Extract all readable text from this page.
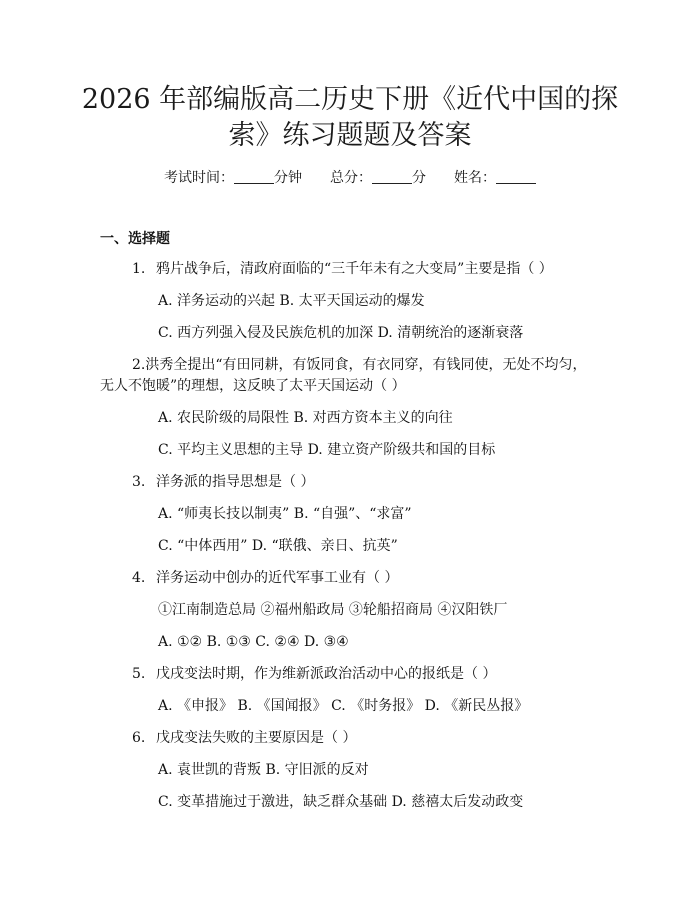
2026 年部编版高二历史下册《近代中国的探
索》练习题题及答案
考试时间：	分钟 总分：	分 姓名：
一、选择题
1. 鸦片战争后，清政府面临的“三千年未有之大变局”主要是指（ ）
A. 洋务运动的兴起 B. 太平天国运动的爆发
C. 西方列强入侵及民族危机的加深 D. 清朝统治的逐渐衰落
2.洪秀全提出“有田同耕，有饭同食，有衣同穿，有钱同使，无处不均匀，
无人不饱暖”的理想，这反映了太平天国运动（ ）
A. 农民阶级的局限性 B. 对西方资本主义的向往
C. 平均主义思想的主导 D. 建立资产阶级共和国的目标
3. 洋务派的指导思想是（ ）
A. “师夷长技以制夷” B. “自强”、“求富”
C. “中体西用” D. “联俄、亲日、抗英”
4. 洋务运动中创办的近代军事工业有（ ）
①江南制造总局 ②福州船政局 ③轮船招商局 ④汉阳铁厂
A. ①② B. ①③ C. ②④ D. ③④
5. 戊戌变法时期，作为维新派政治活动中心的报纸是（ ）
A. 《申报》 B. 《国闻报》 C. 《时务报》 D. 《新民丛报》
6. 戊戌变法失败的主要原因是（ ）
A. 袁世凯的背叛 B. 守旧派的反对
C. 变革措施过于激进，缺乏群众基础 D. 慈禧太后发动政变
